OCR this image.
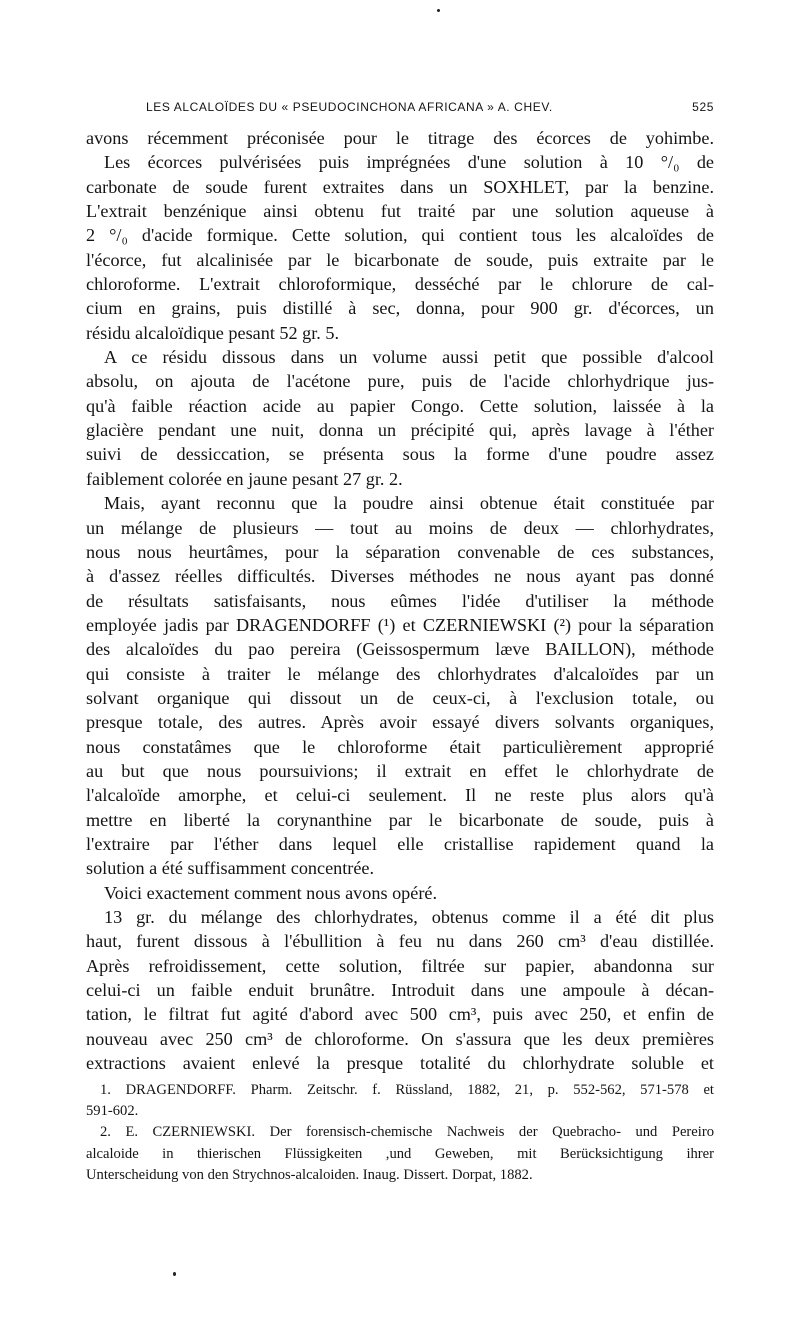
LES ALCALOÏDES DU « PSEUDOCINCHONA AFRICANA » A. CHEV.	525

avons récemment préconisée pour le titrage des écorces de yohimbe.
Les écorces pulvérisées puis imprégnées d'une solution à 10 °/₀ de
carbonate de soude furent extraites dans un SOXHLET, par la benzine.
L'extrait benzénique ainsi obtenu fut traité par une solution aqueuse à
2 °/₀ d'acide formique. Cette solution, qui contient tous les alcaloïdes de
l'écorce, fut alcalinisée par le bicarbonate de soude, puis extraite par le
chloroforme. L'extrait chloroformique, desséché par le chlorure de cal-
cium en grains, puis distillé à sec, donna, pour 900 gr. d'écorces, un
résidu alcaloïdique pesant 52 gr. 5.

A ce résidu dissous dans un volume aussi petit que possible d'alcool
absolu, on ajouta de l'acétone pure, puis de l'acide chlorhydrique jus-
qu'à faible réaction acide au papier Congo. Cette solution, laissée à la
glacière pendant une nuit, donna un précipité qui, après lavage à l'éther
suivi de dessiccation, se présenta sous la forme d'une poudre assez
faiblement colorée en jaune pesant 27 gr. 2.

Mais, ayant reconnu que la poudre ainsi obtenue était constituée par
un mélange de plusieurs — tout au moins de deux — chlorhydrates,
nous nous heurtâmes, pour la séparation convenable de ces substances,
à d'assez réelles difficultés. Diverses méthodes ne nous ayant pas donné
de résultats satisfaisants, nous eûmes l'idée d'utiliser la méthode
employée jadis par DRAGENDORFF (¹) et CZERNIEWSKI (²) pour la séparation
des alcaloïdes du pao pereira (Geissospermum læve BAILLON), méthode
qui consiste à traiter le mélange des chlorhydrates d'alcaloïdes par un
solvant organique qui dissout un de ceux-ci, à l'exclusion totale, ou
presque totale, des autres. Après avoir essayé divers solvants organiques,
nous constatâmes que le chloroforme était particulièrement approprié
au but que nous poursuivions; il extrait en effet le chlorhydrate de
l'alcaloïde amorphe, et celui-ci seulement. Il ne reste plus alors qu'à
mettre en liberté la corynanthine par le bicarbonate de soude, puis à
l'extraire par l'éther dans lequel elle cristallise rapidement quand la
solution a été suffisamment concentrée.

Voici exactement comment nous avons opéré.

13 gr. du mélange des chlorhydrates, obtenus comme il a été dit plus
haut, furent dissous à l'ébullition à feu nu dans 260 cm³ d'eau distillée.
Après refroidissement, cette solution, filtrée sur papier, abandonna sur
celui-ci un faible enduit brunâtre. Introduit dans une ampoule à décan-
tation, le filtrat fut agité d'abord avec 500 cm³, puis avec 250, et enfin de
nouveau avec 250 cm³ de chloroforme. On s'assura que les deux premières
extractions avaient enlevé la presque totalité du chlorhydrate soluble et

1. DRAGENDORFF. Pharm. Zeitschr. f. Rüssland, 1882, 21, p. 552-562, 571-578 et
591-602.
2. E. CZERNIEWSKI. Der forensisch-chemische Nachweis der Quebracho- und Pereiro
alcaloide in thierischen Flüssigkeiten ,und Geweben, mit Berücksichtigung ihrer
Unterscheidung von den Strychnos-alcaloiden. Inaug. Dissert. Dorpat, 1882.
